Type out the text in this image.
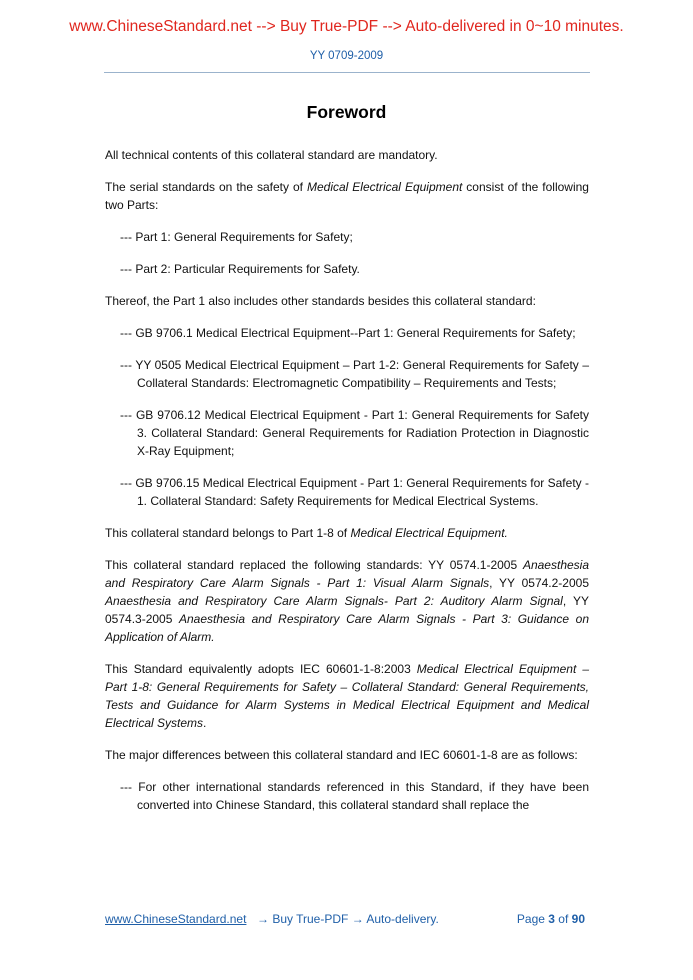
www.ChineseStandard.net --> Buy True-PDF --> Auto-delivered in 0~10 minutes.
YY 0709-2009
Foreword

All technical contents of this collateral standard are mandatory.

The serial standards on the safety of Medical Electrical Equipment consist of the following two Parts:

--- Part 1: General Requirements for Safety;
--- Part 2: Particular Requirements for Safety.

Thereof, the Part 1 also includes other standards besides this collateral standard:

--- GB 9706.1 Medical Electrical Equipment--Part 1: General Requirements for Safety;
--- YY 0505 Medical Electrical Equipment – Part 1-2: General Requirements for Safety – Collateral Standards: Electromagnetic Compatibility – Requirements and Tests;
--- GB 9706.12 Medical Electrical Equipment - Part 1: General Requirements for Safety 3. Collateral Standard: General Requirements for Radiation Protection in Diagnostic X-Ray Equipment;
--- GB 9706.15 Medical Electrical Equipment - Part 1: General Requirements for Safety - 1. Collateral Standard: Safety Requirements for Medical Electrical Systems.

This collateral standard belongs to Part 1-8 of Medical Electrical Equipment.

This collateral standard replaced the following standards: YY 0574.1-2005 Anaesthesia and Respiratory Care Alarm Signals - Part 1: Visual Alarm Signals, YY 0574.2-2005 Anaesthesia and Respiratory Care Alarm Signals- Part 2: Auditory Alarm Signal, YY 0574.3-2005 Anaesthesia and Respiratory Care Alarm Signals - Part 3: Guidance on Application of Alarm.

This Standard equivalently adopts IEC 60601-1-8:2003 Medical Electrical Equipment – Part 1-8: General Requirements for Safety – Collateral Standard: General Requirements, Tests and Guidance for Alarm Systems in Medical Electrical Equipment and Medical Electrical Systems.

The major differences between this collateral standard and IEC 60601-1-8 are as follows:

--- For other international standards referenced in this Standard, if they have been converted into Chinese Standard, this collateral standard shall replace the
www.ChineseStandard.net → Buy True-PDF → Auto-delivery.	Page 3 of 90
